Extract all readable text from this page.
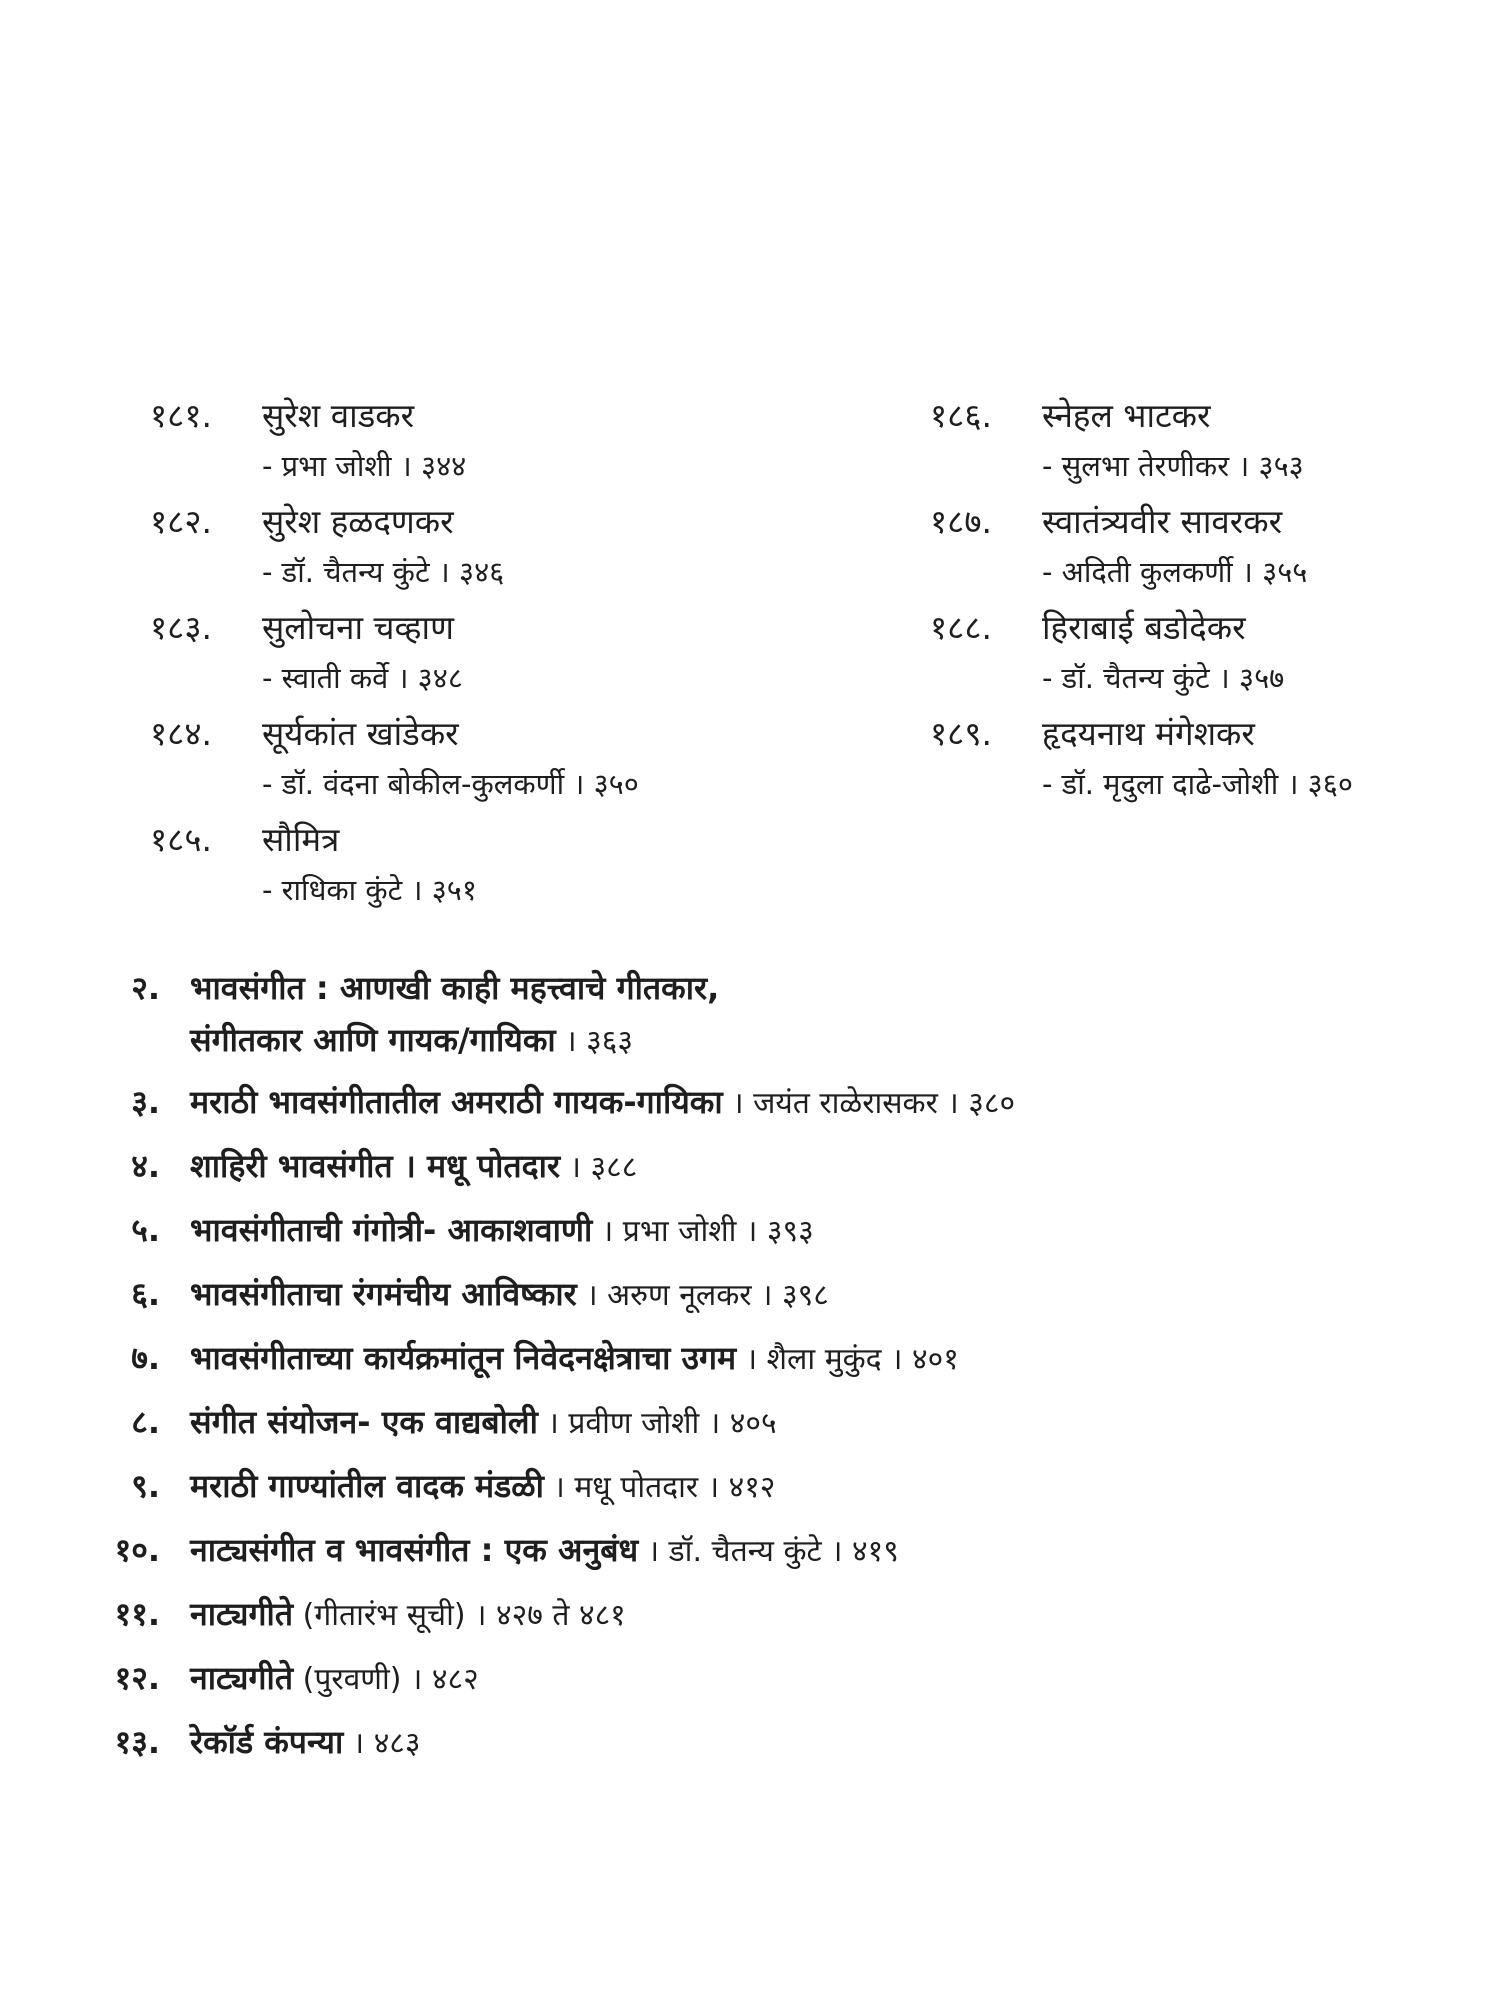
१८१. सुरेश वाडकर
- प्रभा जोशी । ३४४
१८२. सुरेश हळदणकर
- डॉ. चैतन्य कुंटे । ३४६
१८३. सुलोचना चव्हाण
- स्वाती कर्वे । ३४८
१८४. सूर्यकांत खांडेकर
- डॉ. वंदना बोकील-कुलकर्णी । ३५०
१८५. सौमित्र
- राधिका कुंटे । ३५१
१८६. स्नेहल भाटकर
- सुलभा तेरणीकर । ३५३
१८७. स्वातंत्र्यवीर सावरकर
- अदिती कुलकर्णी । ३५५
१८८. हिराबाई बडोदेकर
- डॉ. चैतन्य कुंटे । ३५७
१८९. हृदयनाथ मंगेशकर
- डॉ. मृदुला दाढे-जोशी । ३६०
२. भावसंगीत : आणखी काही महत्त्वाचे गीतकार,
संगीतकार आणि गायक/गायिका । ३६३
३. मराठी भावसंगीतातील अमराठी गायक-गायिका । जयंत राळेरासकर । ३८०
४. शाहिरी भावसंगीत । मधू पोतदार । ३८८
५. भावसंगीताची गंगोत्री- आकाशवाणी । प्रभा जोशी । ३९३
६. भावसंगीताचा रंगमंचीय आविष्कार । अरुण नूलकर । ३९८
७. भावसंगीताच्या कार्यक्रमांतून निवेदनक्षेत्राचा उगम । शैला मुकुंद । ४०१
८. संगीत संयोजन- एक वाद्यबोली । प्रवीण जोशी । ४०५
९. मराठी गाण्यांतील वादक मंडळी । मधू पोतदार । ४१२
१०. नाट्यसंगीत व भावसंगीत : एक अनुबंध । डॉ. चैतन्य कुंटे । ४१९
११. नाट्यगीते (गीतारंभ सूची) । ४२७ ते ४८१
१२. नाट्यगीते (पुरवणी) । ४८२
१३. रेकॉर्ड कंपन्या । ४८३
